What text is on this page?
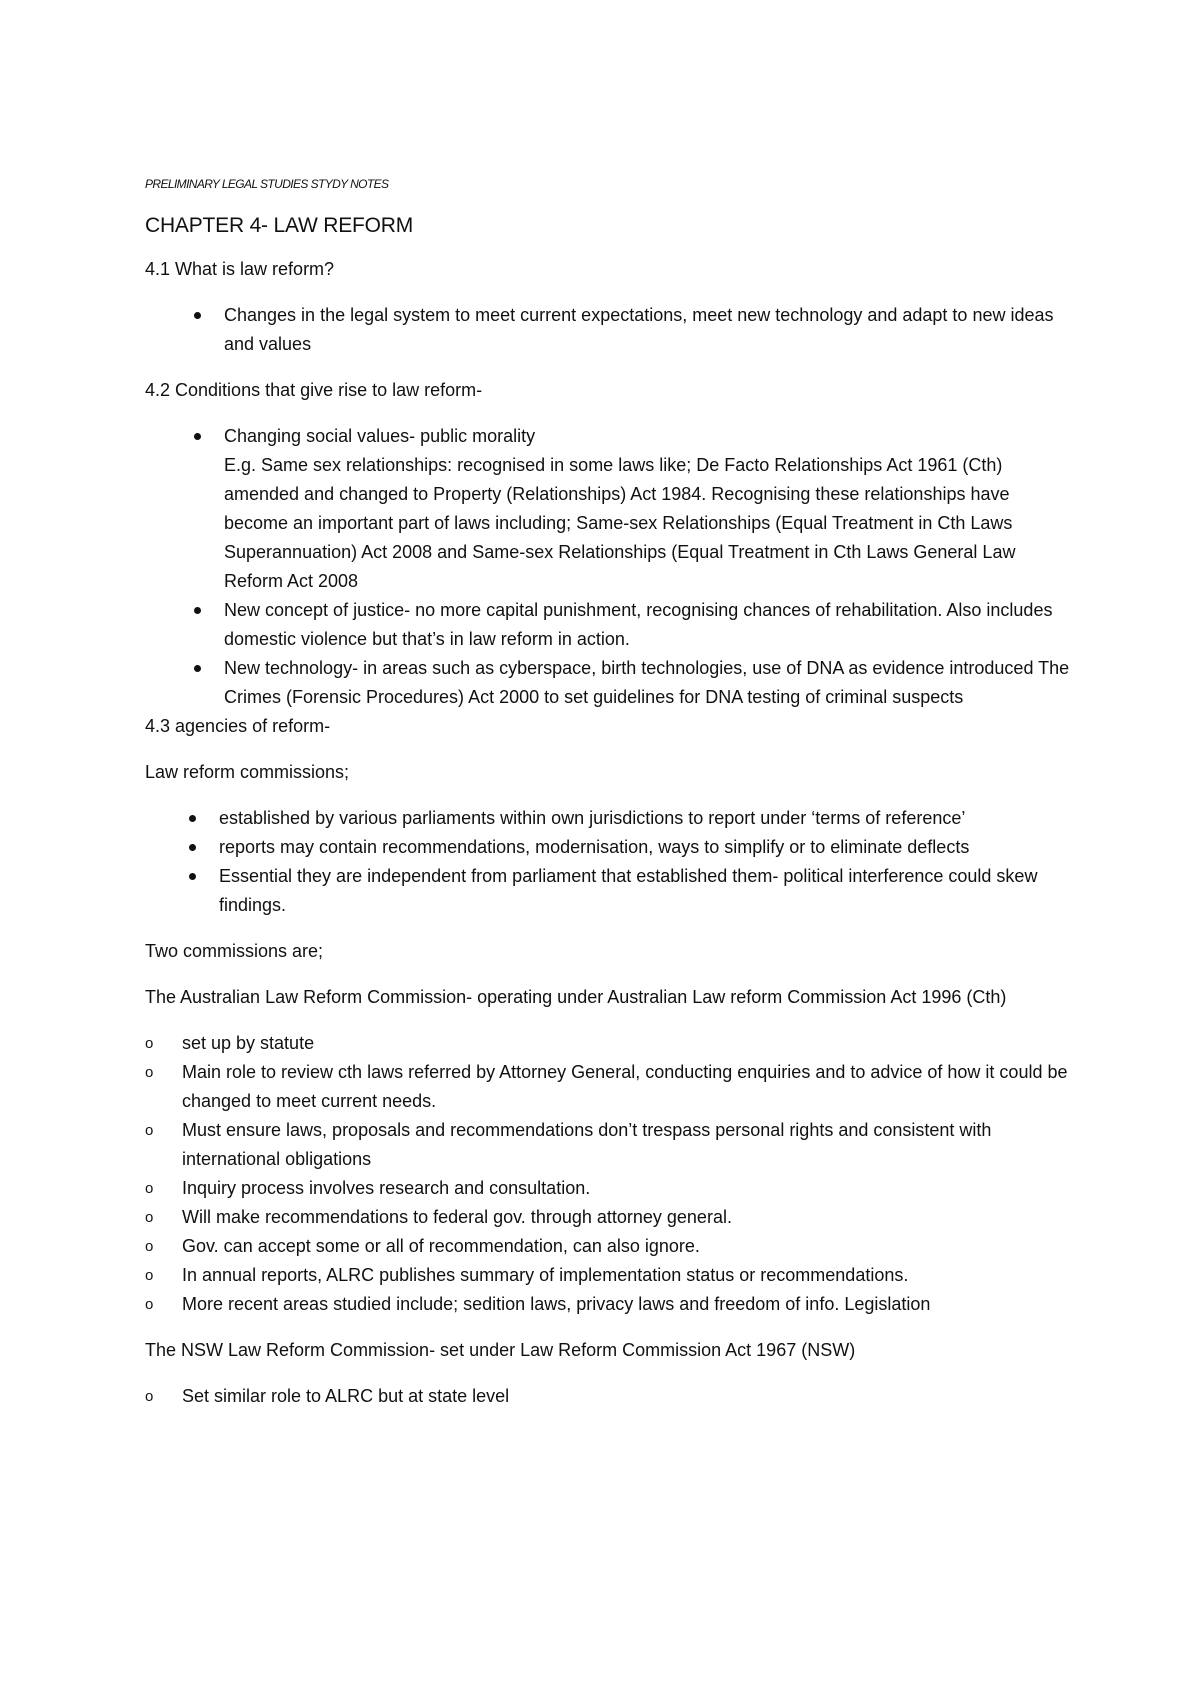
PRELIMINARY LEGAL STUDIES STYDY NOTES
CHAPTER 4- LAW REFORM

4.1 What is law reform?

Changes in the legal system to meet current expectations, meet new technology and adapt to new ideas and values

4.2 Conditions that give rise to law reform-

Changing social values- public morality
E.g. Same sex relationships: recognised in some laws like; De Facto Relationships Act 1961 (Cth) amended and changed to Property (Relationships) Act 1984. Recognising these relationships have become an important part of laws including; Same-sex Relationships (Equal Treatment in Cth Laws Superannuation) Act 2008 and Same-sex Relationships (Equal Treatment in Cth Laws General Law Reform Act 2008
New concept of justice- no more capital punishment, recognising chances of rehabilitation. Also includes domestic violence but that’s in law reform in action.
New technology- in areas such as cyberspace, birth technologies, use of DNA as evidence introduced The Crimes (Forensic Procedures) Act 2000 to set guidelines for DNA testing of criminal suspects

4.3 agencies of reform-

Law reform commissions;

established by various parliaments within own jurisdictions to report under ‘terms of reference’
reports may contain recommendations, modernisation, ways to simplify or to eliminate deflects
Essential they are independent from parliament that established them- political interference could skew findings.

Two commissions are;

The Australian Law Reform Commission- operating under Australian Law reform Commission Act 1996 (Cth)

o	set up by statute
o	Main role to review cth laws referred by Attorney General, conducting enquiries and to advice of how it could be changed to meet current needs.
o	Must ensure laws, proposals and recommendations don’t trespass personal rights and consistent with international obligations
o	Inquiry process involves research and consultation.
o	Will make recommendations to federal gov. through attorney general.
o	Gov. can accept some or all of recommendation, can also ignore.
o	In annual reports, ALRC publishes summary of implementation status or recommendations.
o	More recent areas studied include; sedition laws, privacy laws and freedom of info. Legislation

The NSW Law Reform Commission- set under Law Reform Commission Act 1967 (NSW)

o	Set similar role to ALRC but at state level
